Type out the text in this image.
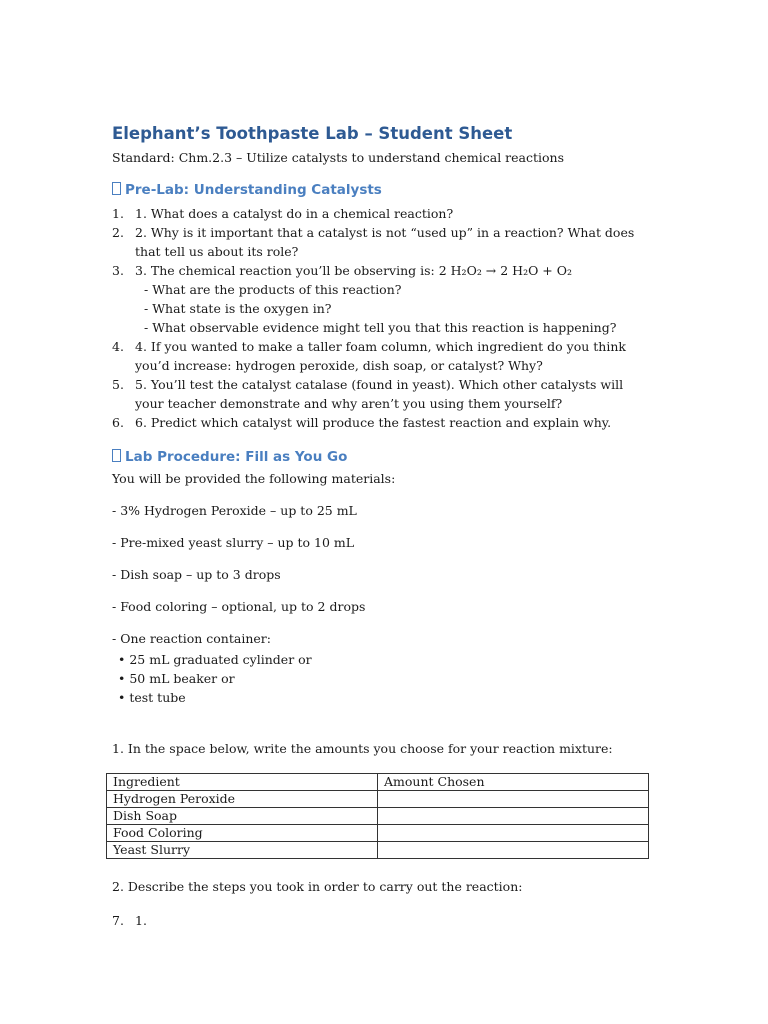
Elephant’s Toothpaste Lab – Student Sheet
Standard: Chm.2.3 – Utilize catalysts to understand chemical reactions
Pre-Lab: Understanding Catalysts
1. 1. What does a catalyst do in a chemical reaction?
2. 2. Why is it important that a catalyst is not “used up” in a reaction? What does that tell us about its role?
3. 3. The chemical reaction you’ll be observing is: 2 H₂O₂ → 2 H₂O + O₂
- What are the products of this reaction?
- What state is the oxygen in?
- What observable evidence might tell you that this reaction is happening?
4. 4. If you wanted to make a taller foam column, which ingredient do you think you’d increase: hydrogen peroxide, dish soap, or catalyst? Why?
5. 5. You’ll test the catalyst catalase (found in yeast). Which other catalysts will your teacher demonstrate and why aren’t you using them yourself?
6. 6. Predict which catalyst will produce the fastest reaction and explain why.
Lab Procedure: Fill as You Go
You will be provided the following materials:
- 3% Hydrogen Peroxide – up to 25 mL
- Pre-mixed yeast slurry – up to 10 mL
- Dish soap – up to 3 drops
- Food coloring – optional, up to 2 drops
- One reaction container:
• 25 mL graduated cylinder or
• 50 mL beaker or
• test tube
1. In the space below, write the amounts you choose for your reaction mixture:
Ingredient	Amount Chosen
Hydrogen Peroxide	
Dish Soap	
Food Coloring	
Yeast Slurry	
2. Describe the steps you took in order to carry out the reaction:
7. 1.
